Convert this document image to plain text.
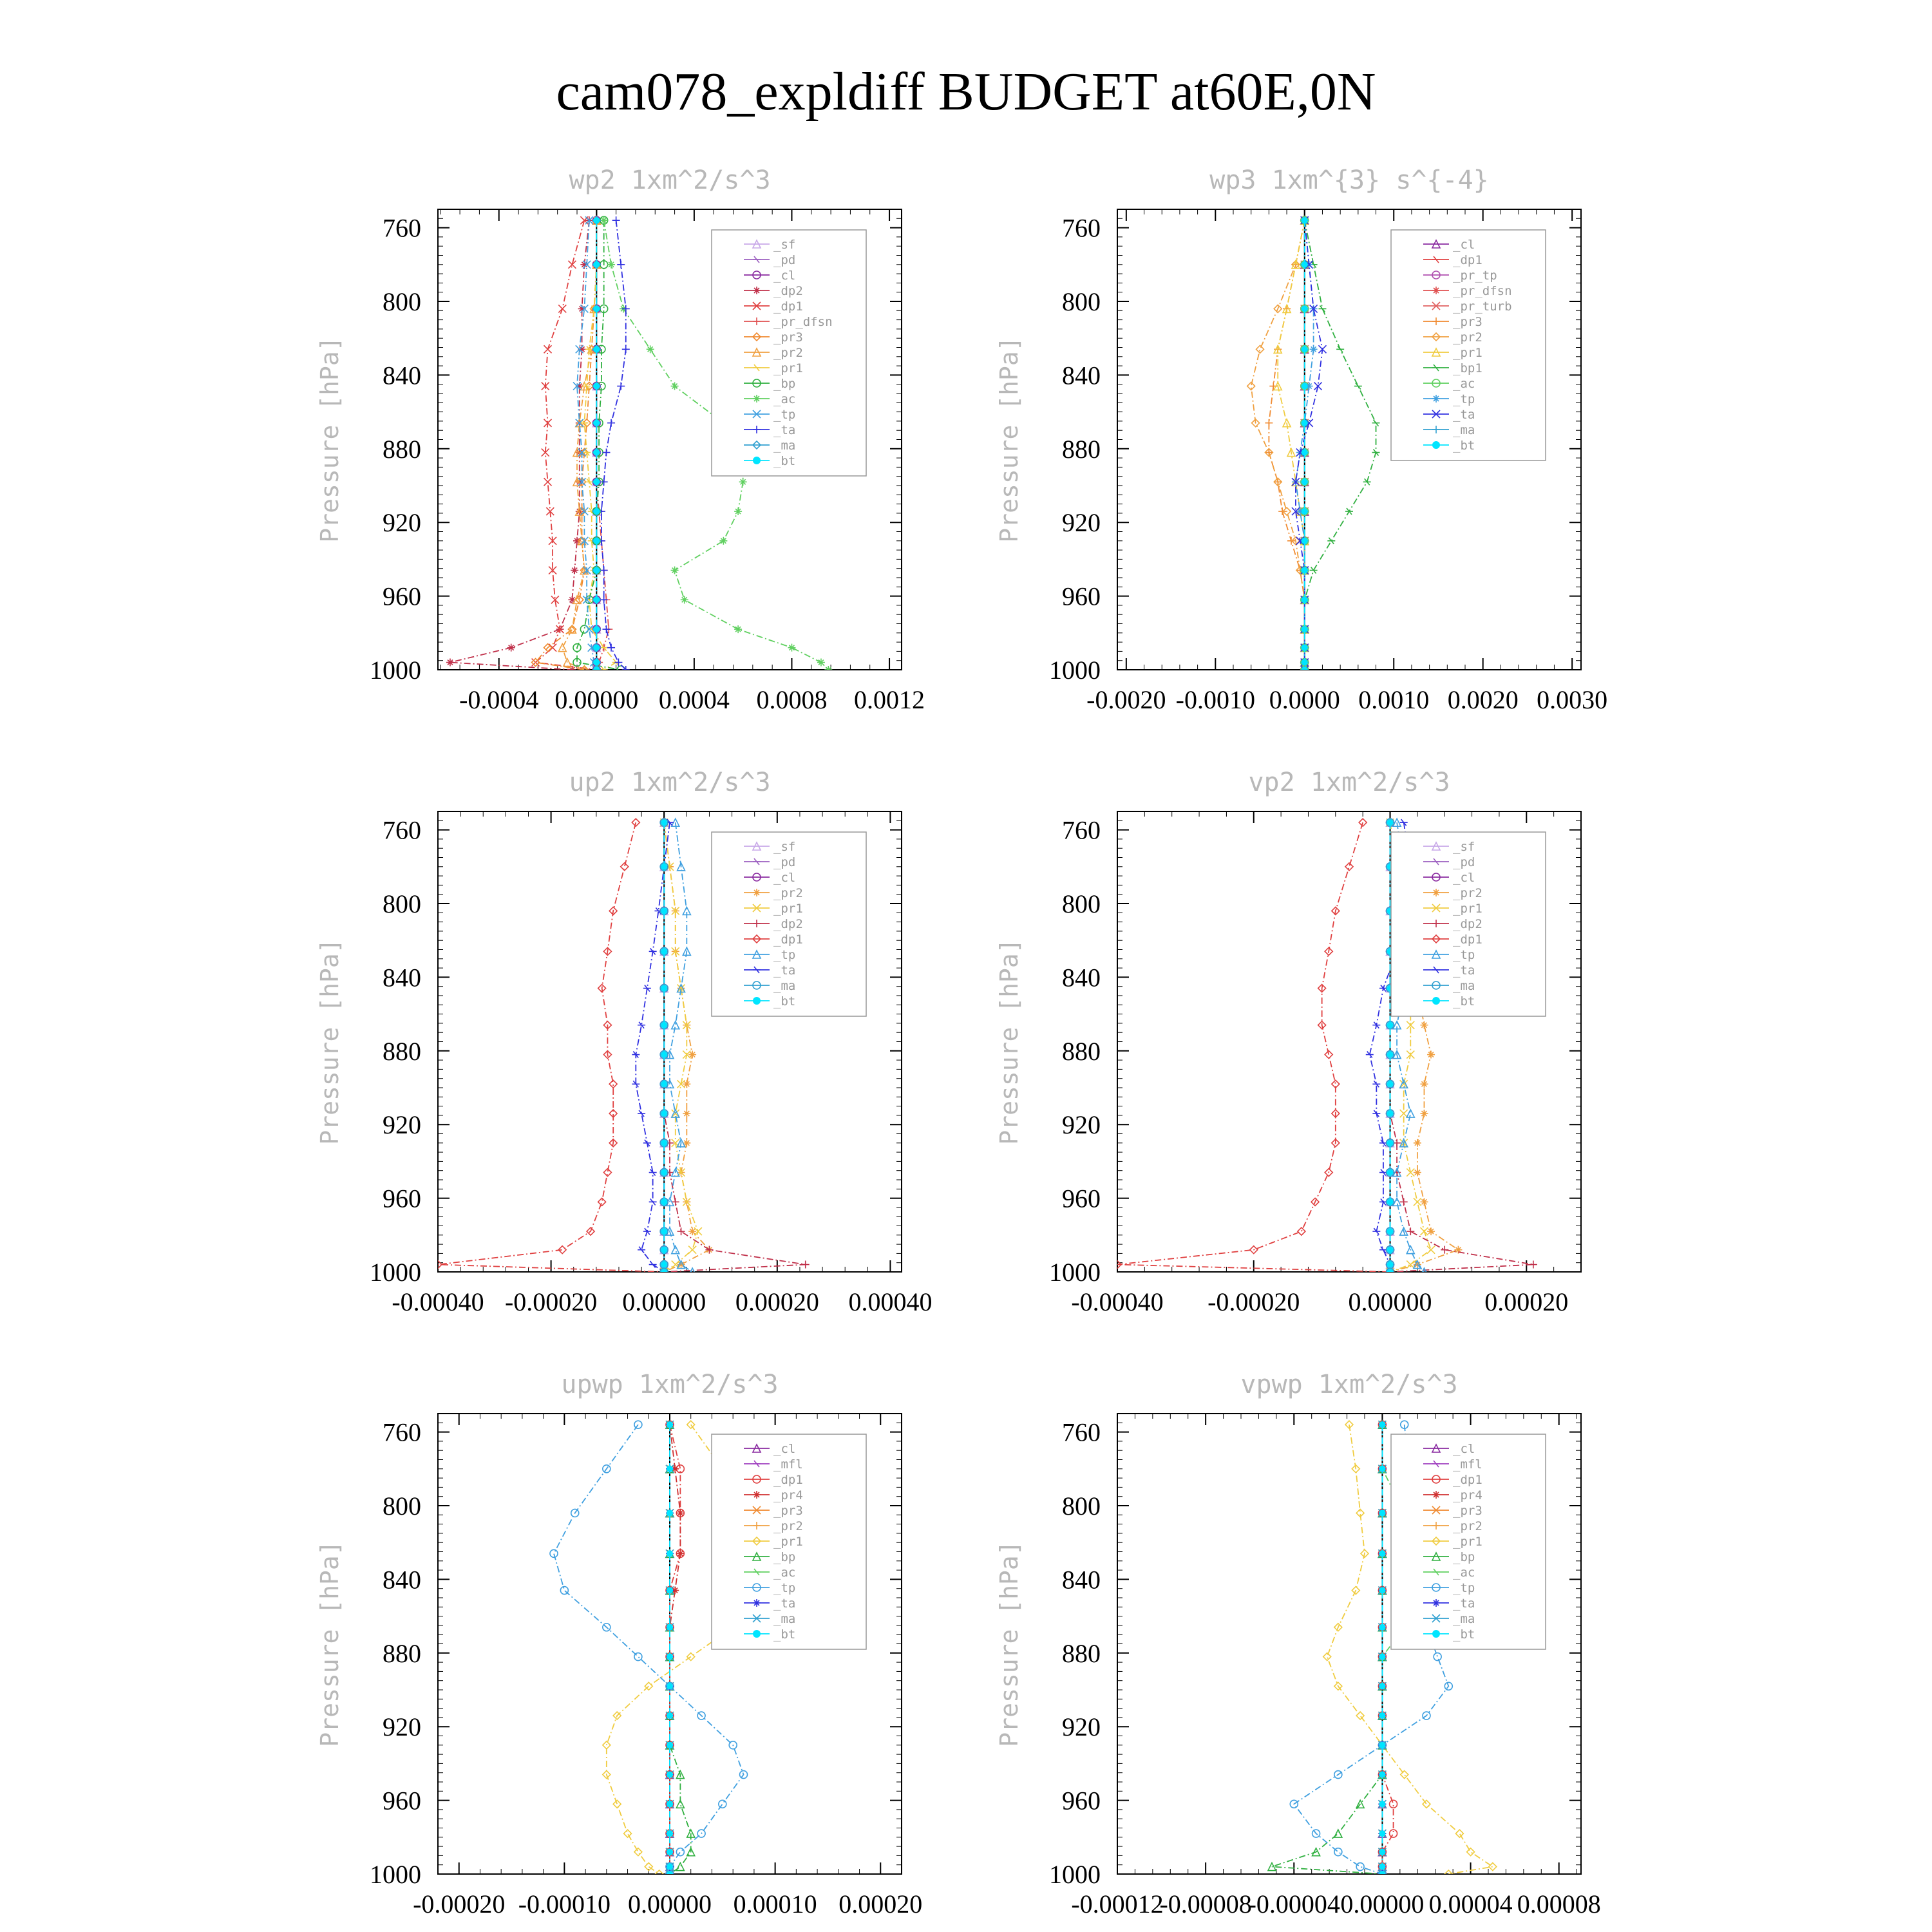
cam078_expldiff BUDGET at60E,0N
wp2 1xm^2/s^3
Pressure [hPa]
760
800
840
880
920
960
1000
-0.0004 0.00000 0.0004 0.0008 0.0012
_sf
_pd
_cl
_dp2
_dp1
_pr_dfsn
_pr3
_pr2
_pr1
_bp
_ac
_tp
_ta
_ma
_bt
wp3 1xm^{3} s^{-4}
Pressure [hPa]
760
800
840
880
920
960
1000
-0.0020 -0.0010 0.0000 0.0010 0.0020 0.0030
_cl
_dp1
_pr_tp
_pr_dfsn
_pr_turb
_pr3
_pr2
_pr1
_bp1
_ac
_tp
_ta
_ma
_bt
up2 1xm^2/s^3
Pressure [hPa]
760
800
840
880
920
960
1000
-0.00040 -0.00020 0.00000 0.00020 0.00040
_sf
_pd
_cl
_pr2
_pr1
_dp2
_dp1
_tp
_ta
_ma
_bt
vp2 1xm^2/s^3
Pressure [hPa]
760
800
840
880
920
960
1000
-0.00040 -0.00020 0.00000 0.00020
_sf
_pd
_cl
_pr2
_pr1
_dp2
_dp1
_tp
_ta
_ma
_bt
upwp 1xm^2/s^3
Pressure [hPa]
760
800
840
880
920
960
1000
-0.00020 -0.00010 0.00000 0.00010 0.00020
_cl
_mfl
_dp1
_pr4
_pr3
_pr2
_pr1
_bp
_ac
_tp
_ta
_ma
_bt
vpwp 1xm^2/s^3
Pressure [hPa]
760
800
840
880
920
960
1000
-0.00012
-0.00008
-0.00004 0.00000 0.00004 0.00008
_cl
_mfl
_dp1
_pr4
_pr3
_pr2
_pr1
_bp
_ac
_tp
_ta
_ma
_bt
